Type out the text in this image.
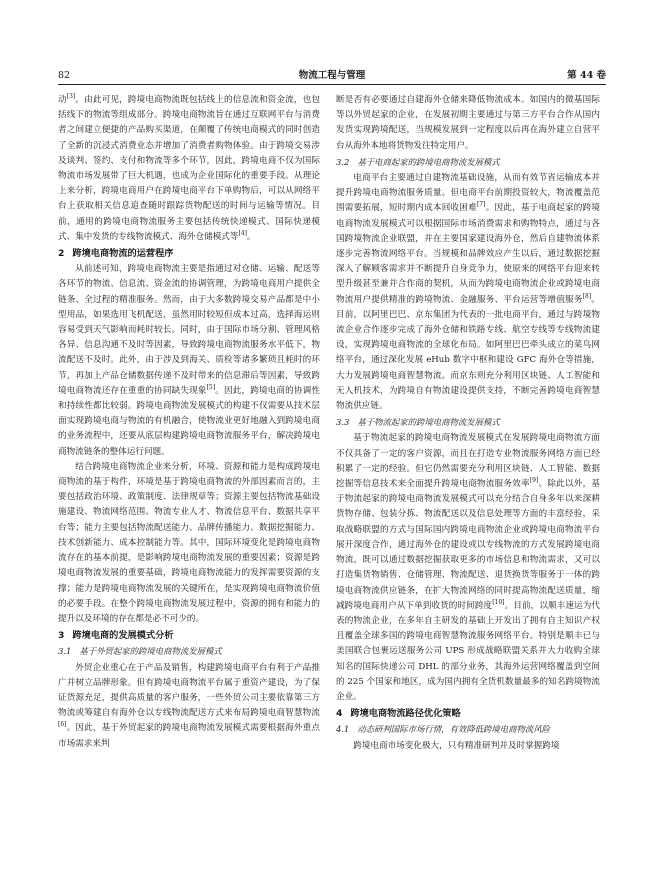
82	物流工程与管理	第 44 卷

动[3]。由此可见，跨境电商物流既包括线上的信息流和资金流，也包括线下的物流等组成部分。跨境电商物流旨在通过互联网平台与消费者之间建立便捷的产品购买渠道，在颠覆了传统电商模式的同时创造了全新的沉浸式消费业态并增加了消费者购物体验。由于跨境交易涉及谈判、签约、支付和物流等多个环节，因此，跨境电商不仅为国际物流市场发展带了巨大机遇，也成为企业国际化的重要手段。从理论上来分析，跨境电商用户在跨境电商平台下单购物后，可以从网络平台上获取相关信息追查随时跟踪货物配送的时间与运输等情况。目前，通用的跨境电商物流服务主要包括传统快递模式、国际快递模式、集中发货的专线物流模式、海外仓储模式等[4]。

2 跨境电商物流的运营程序

从前述可知，跨境电商物流主要是指通过对仓储、运输、配送等各环节的物流、信息流、资金流的协调管理，为跨境电商用户提供全链条、全过程的精准服务。然而，由于大多数跨境交易产品都是中小型用品，如果选用飞机配送，虽然用时较短但成本过高，选择海运则容易受到天气影响而耗时较长。同时，由于国际市场分割、管理风格各异、信息沟通不及时等因素，导致跨境电商物流服务水平低下，物流配送不及时。此外，由于涉及到海关、质检等诸多繁琐且耗时的环节，再加上产品仓储数据传递不及时带来的信息滞后等因素，导致跨境电商物流还存在重重的协同缺失现象[5]。因此，跨境电商的协调性和持续性都比较弱。跨境电商物流发展模式的构建不仅需要从技术层面实现跨境电商与物流的有机融合，使物流业更好地融入到跨境电商的业务流程中，还要从底层构建跨境电商物流服务平台，解决跨境电商物流链条的整体运行问题。

结合跨境电商物流企业来分析，环境、资源和能力是构成跨境电商物流的基于构件，环境是基于跨境电商物流的外部因素而言的，主要包括政治环境、政策制度、法律规章等；资源主要包括物流基础设施建设、物流网络范围、物流专业人才、物流信息平台、数据共享平台等；能力主要包括物流配送能力、品牌传播能力、数据挖掘能力、技术创新能力、成本控制能力等。其中，国际环境变化是跨境电商物流存在的基本前提，是影响跨境电商物流发展的重要因素；资源是跨境电商物流发展的重要基础，跨境电商物流能力的发挥需要资源的支撑；能力是跨境电商物流发展的关键所在，是实现跨境电商物流价值的必要手段。在整个跨境电商物流发展过程中，资源的拥有和能力的提升以及环境的存在都是必不可少的。

3 跨境电商的发展模式分析
3.1 基于外贸起家的跨境电商物流发展模式

外贸企业重心在于产品及销售，构建跨境电商平台有利于产品推广并树立品牌形象。但有跨境电商物流平台属于重资产建设，为了保证货源充足，提供高质量的客户服务，一些外贸公司主要依靠第三方物流或筹建自有海外仓以专线物流配送方式来布局跨境电商智慧物流[6]。因此，基于外贸起家的跨境电商物流发展模式需要根据海外重点市场需求来判

断是否有必要通过自建海外仓储来降低物流成本。如国内的微基国际等以外贸起家的企业，在发展初期主要通过与第三方平台合作从国内发货实现跨境配送，当规模发展到一定程度以后再在海外建立自营平台从海外本地将货物发往特定用户。

3.2 基于电商起家的跨境电商物流发展模式

电商平台主要通过自建物流基础设施，从而有效节省运输成本并提升跨境电商物流服务质量。但电商平台前期投资较大，物流覆盖范围需要拓展，短时期内成本回收困难[7]。因此，基于电商起家的跨境电商物流发展模式可以根据国际市场消费需求和购物特点，通过与各国跨境物流企业联盟，并在主要国家建设海外仓，然后自建物流体系逐步完善物流网络平台。当规模和品牌效应产生以后，通过数据挖掘深入了解顾客需求并不断提升自身竞争力，使原来的网络平台迎来转型升级甚至兼并合作商的契机，从而为跨境电商物流企业或跨境电商物流用户提供精准的跨境物流、金融服务、平台运营等增值服务[8]。目前，以阿里巴巴、京东集团为代表的一批电商平台，通过与跨境物流企业合作逐步完成了海外仓储和铁路专线、航空专线等专线物流建设，实现跨境电商物流的全球化布局。如阿里巴巴牵头成立的菜鸟网络平台，通过深化发展 eHub 数字中枢和建设 GFC 海外仓等措施，大力发展跨境电商智慧物流。而京东则充分利用区块链、人工智能和无人机技术，为跨境自有物流建设提供支持，不断完善跨境电商智慧物流供应链。

3.3 基于物流起家的跨境电商物流发展模式

基于物流起家的跨境电商物流发展模式在发展跨境电商物流方面不仅具备了一定的客户资源，而且在打造专业物流服务网络方面已经积累了一定的经验。但它仍然需要充分利用区块链、人工智能、数据挖掘等信息技术来全面提升跨境电商物流服务效率[9]。除此以外，基于物流起家的跨境电商物流发展模式可以充分结合自身多年以来深耕货物存储、包装分拣、物流配送以及信息处理等方面的丰富经验，采取战略联盟的方式与国际国内跨境电商物流企业或跨境电商物流平台展开深度合作，通过海外仓的建设或以专线物流的方式发展跨境电商物流，既可以通过数据挖掘获取更多的市场信息和物流需求，又可以打造集货物销售、仓储管理、物流配送、退货换货等服务于一体的跨境电商物流供应链条，在扩大物流网络的同时提高物流配送质量，缩减跨境电商用户从下单到收货的时间跨度[10]。目前，以顺丰速运为代表的物流企业，在多年自主研发的基础上开发出了拥有自主知识产权且覆盖全球多国的跨境电商智慧物流服务网络平台。特别是顺丰已与美国联合包裹运送服务公司 UPS 形成战略联盟关系并大力收购全球知名的国际快递公司 DHL 的部分业务，其海外运营网络覆盖到空间的 225 个国家和地区，成为国内拥有全货机数量最多的知名跨境物流企业。

4 跨境电商物流路径优化策略
4.1 动态研判国际市场行情，有效降低跨境电商物流风险

跨境电商市场变化极大，只有精准研判并及时掌握跨境
